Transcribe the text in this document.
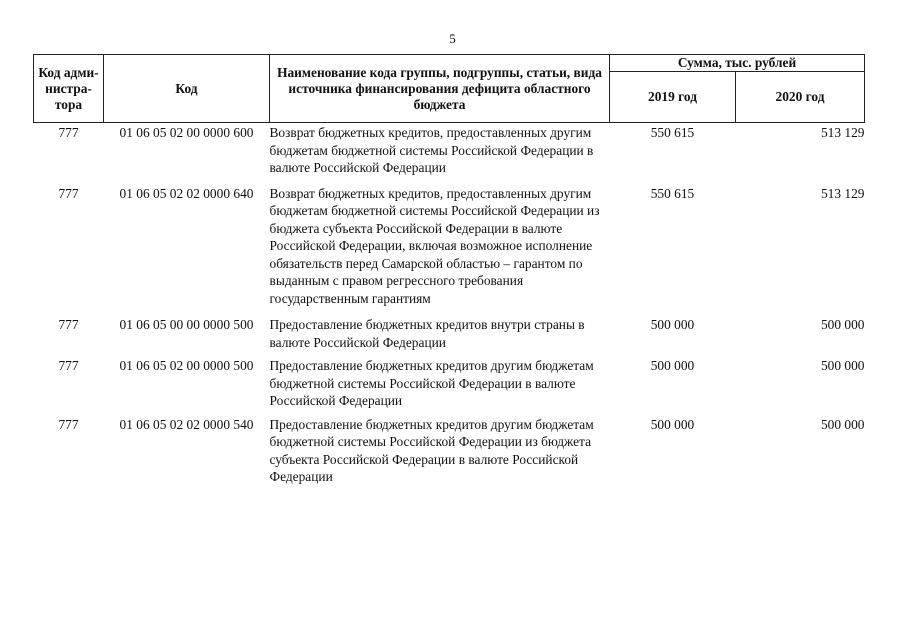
5
Код адми-нистра-тора	Код	Наименование кода группы, подгруппы, статьи, вида источника финансирования дефицита областного бюджета	Сумма, тыс. рублей	
			2019 год	2020 год
777	01 06 05 02 00 0000 600	Возврат бюджетных кредитов, предоставленных другим бюджетам бюджетной системы Российской Федерации в валюте Российской Федерации	550 615	513 129
777	01 06 05 02 02 0000 640	Возврат бюджетных кредитов, предоставленных другим бюджетам бюджетной системы Российской Федерации из бюджета субъекта Российской Федерации в валюте Российской Федерации, включая возможное исполнение обязательств перед Самарской областью – гарантом по выданным с правом регрессного требования государственным гарантиям	550 615	513 129
777	01 06 05 00 00 0000 500	Предоставление бюджетных кредитов внутри страны в валюте Российской Федерации	500 000	500 000
777	01 06 05 02 00 0000 500	Предоставление бюджетных кредитов другим бюджетам бюджетной системы Российской Федерации в валюте Российской Федерации	500 000	500 000
777	01 06 05 02 02 0000 540	Предоставление бюджетных кредитов другим бюджетам бюджетной системы Российской Федерации из бюджета субъекта Российской Федерации в валюте Российской Федерации	500 000	500 000
